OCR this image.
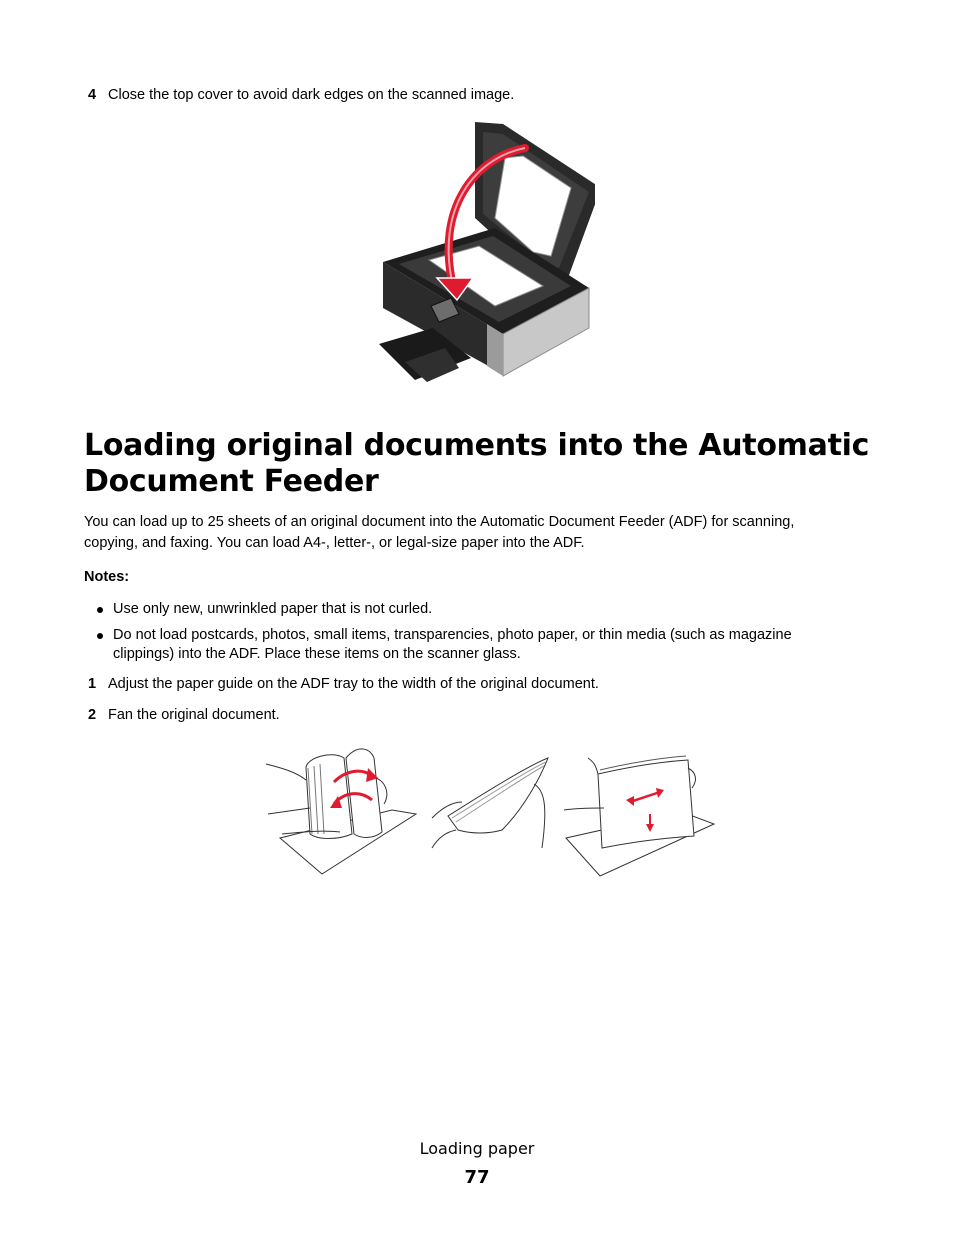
4 Close the top cover to avoid dark edges on the scanned image.
Loading original documents into the Automatic
Document Feeder

You can load up to 25 sheets of an original document into the Automatic Document Feeder (ADF) for scanning,
copying, and faxing. You can load A4-, letter-, or legal-size paper into the ADF.

Notes:
Use only new, unwrinkled paper that is not curled.
Do not load postcards, photos, small items, transparencies, photo paper, or thin media (such as magazine
clippings) into the ADF. Place these items on the scanner glass.
1 Adjust the paper guide on the ADF tray to the width of the original document.
2 Fan the original document.
Loading paper
77
